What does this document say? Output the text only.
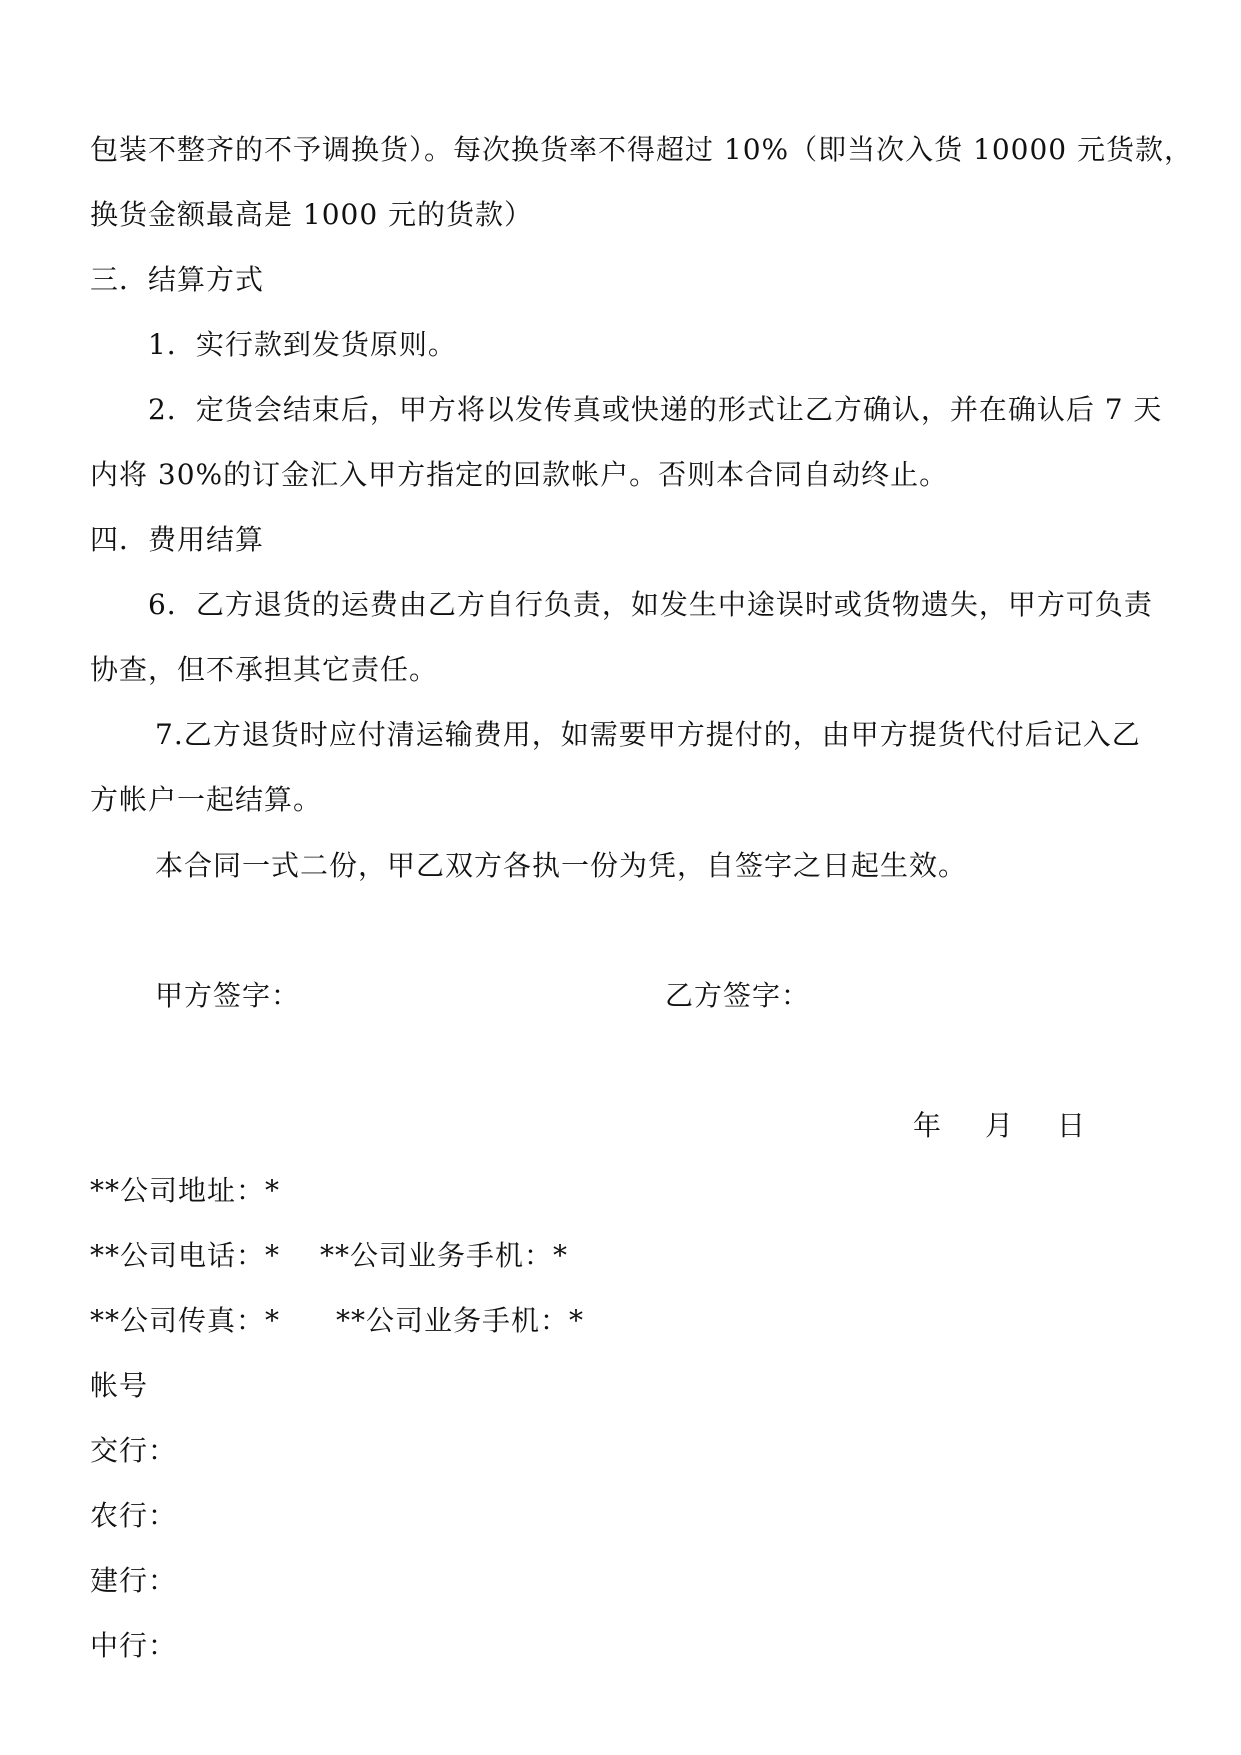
包装不整齐的不予调换货）。每次换货率不得超过 10%（即当次入货 10000 元货款，
换货金额最高是 1000 元的货款）
三．结算方式
1．实行款到发货原则。
2．定货会结束后，甲方将以发传真或快递的形式让乙方确认，并在确认后 7 天
内将 30%的订金汇入甲方指定的回款帐户。否则本合同自动终止。
四．费用结算
6．乙方退货的运费由乙方自行负责，如发生中途误时或货物遗失，甲方可负责
协查，但不承担其它责任。
7.乙方退货时应付清运输费用，如需要甲方提付的，由甲方提货代付后记入乙
方帐户一起结算。
本合同一式二份，甲乙双方各执一份为凭，自签字之日起生效。
甲方签字：	乙方签字：
年 月 日
**公司地址：*
**公司电话：* **公司业务手机：*
**公司传真：* **公司业务手机：*
帐号
交行：
农行：
建行：
中行：
